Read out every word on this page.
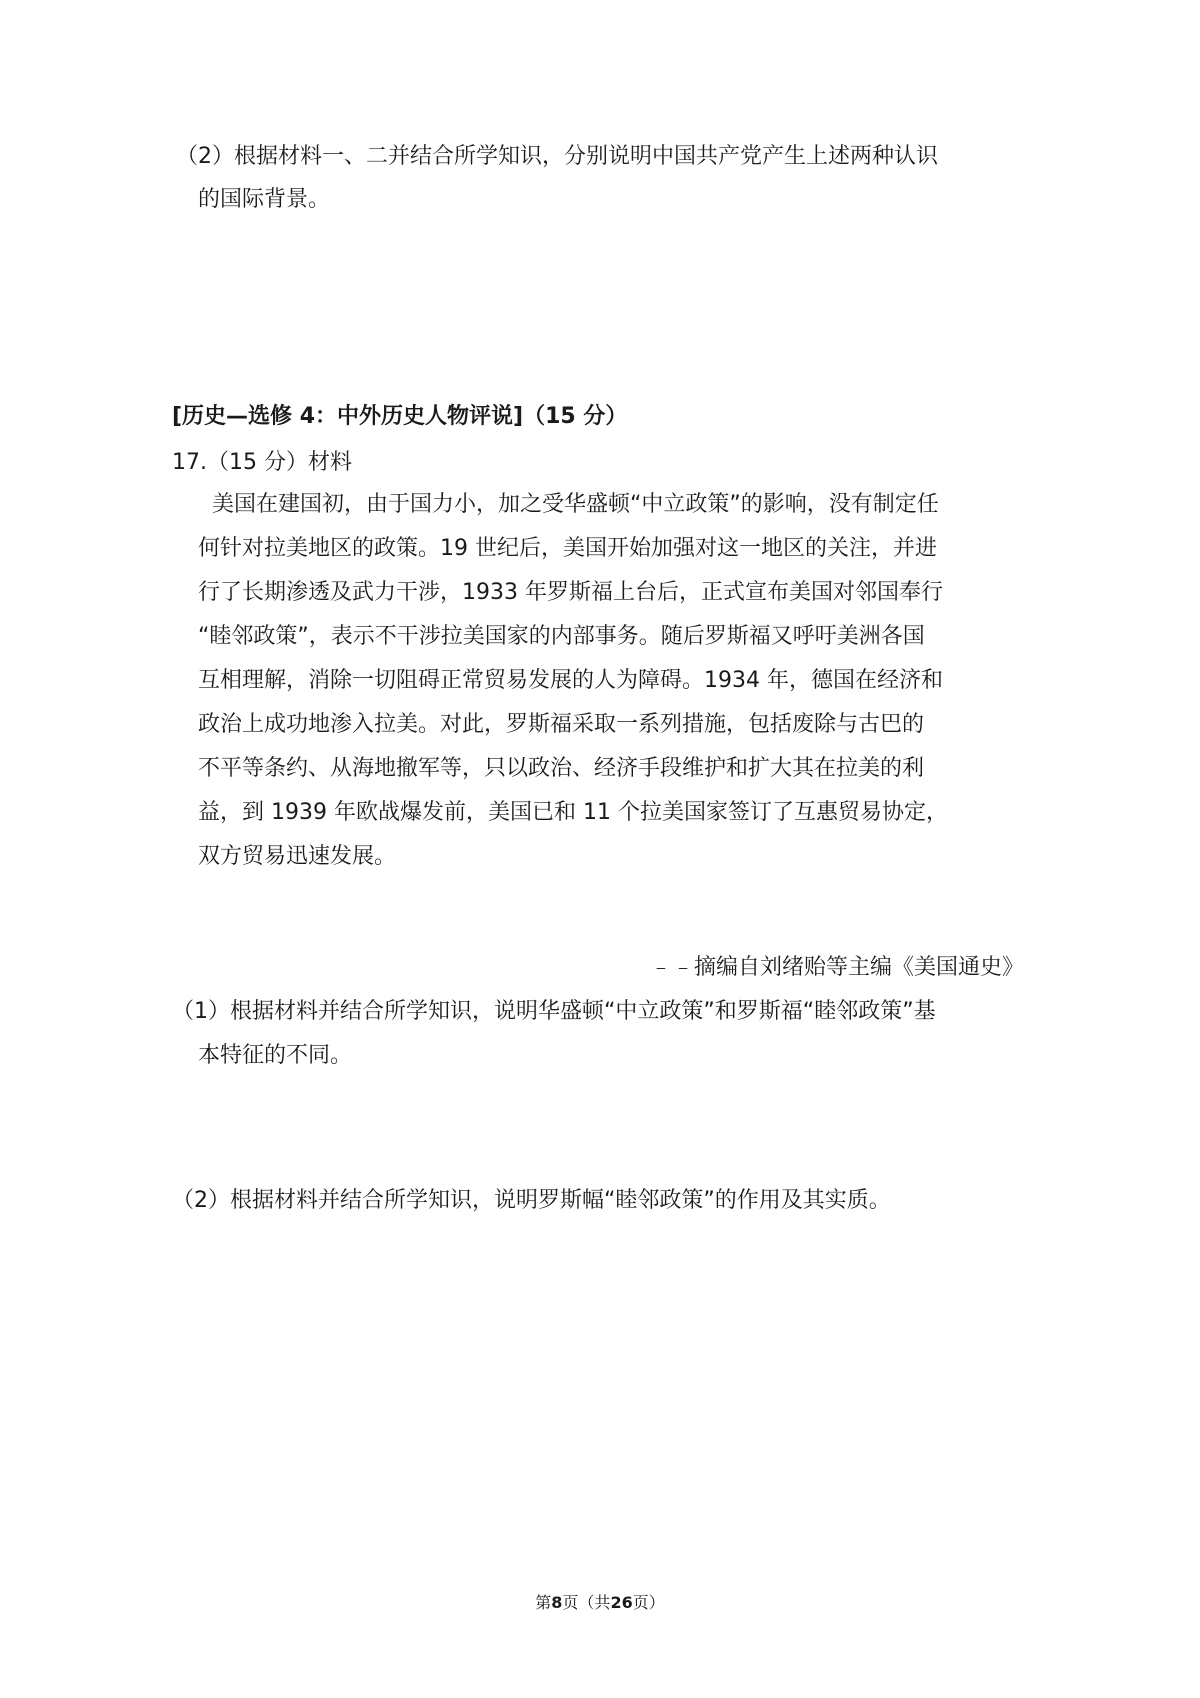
（2）根据材料一、二并结合所学知识，分别说明中国共产党产生上述两种认识
的国际背景。
[历史—选修 4：中外历史人物评说]（15 分）
17.（15 分）材料
美国在建国初，由于国力小，加之受华盛顿“中立政策”的影响，没有制定任
何针对拉美地区的政策。19 世纪后，美国开始加强对这一地区的关注，并进
行了长期渗透及武力干涉，1933 年罗斯福上台后，正式宣布美国对邻国奉行
“睦邻政策”，表示不干涉拉美国家的内部事务。随后罗斯福又呼吁美洲各国
互相理解，消除一切阻碍正常贸易发展的人为障碍。1934 年，德国在经济和
政治上成功地渗入拉美。对此，罗斯福采取一系列措施，包括废除与古巴的
不平等条约、从海地撤军等，只以政治、经济手段维护和扩大其在拉美的利
益，到 1939 年欧战爆发前，美国已和 11 个拉美国家签订了互惠贸易协定，
双方贸易迅速发展。
﹣﹣摘编自刘绪贻等主编《美国通史》
（1）根据材料并结合所学知识，说明华盛顿“中立政策”和罗斯福“睦邻政策”基
本特征的不同。
（2）根据材料并结合所学知识，说明罗斯幅“睦邻政策”的作用及其实质。
第8页（共26页）
